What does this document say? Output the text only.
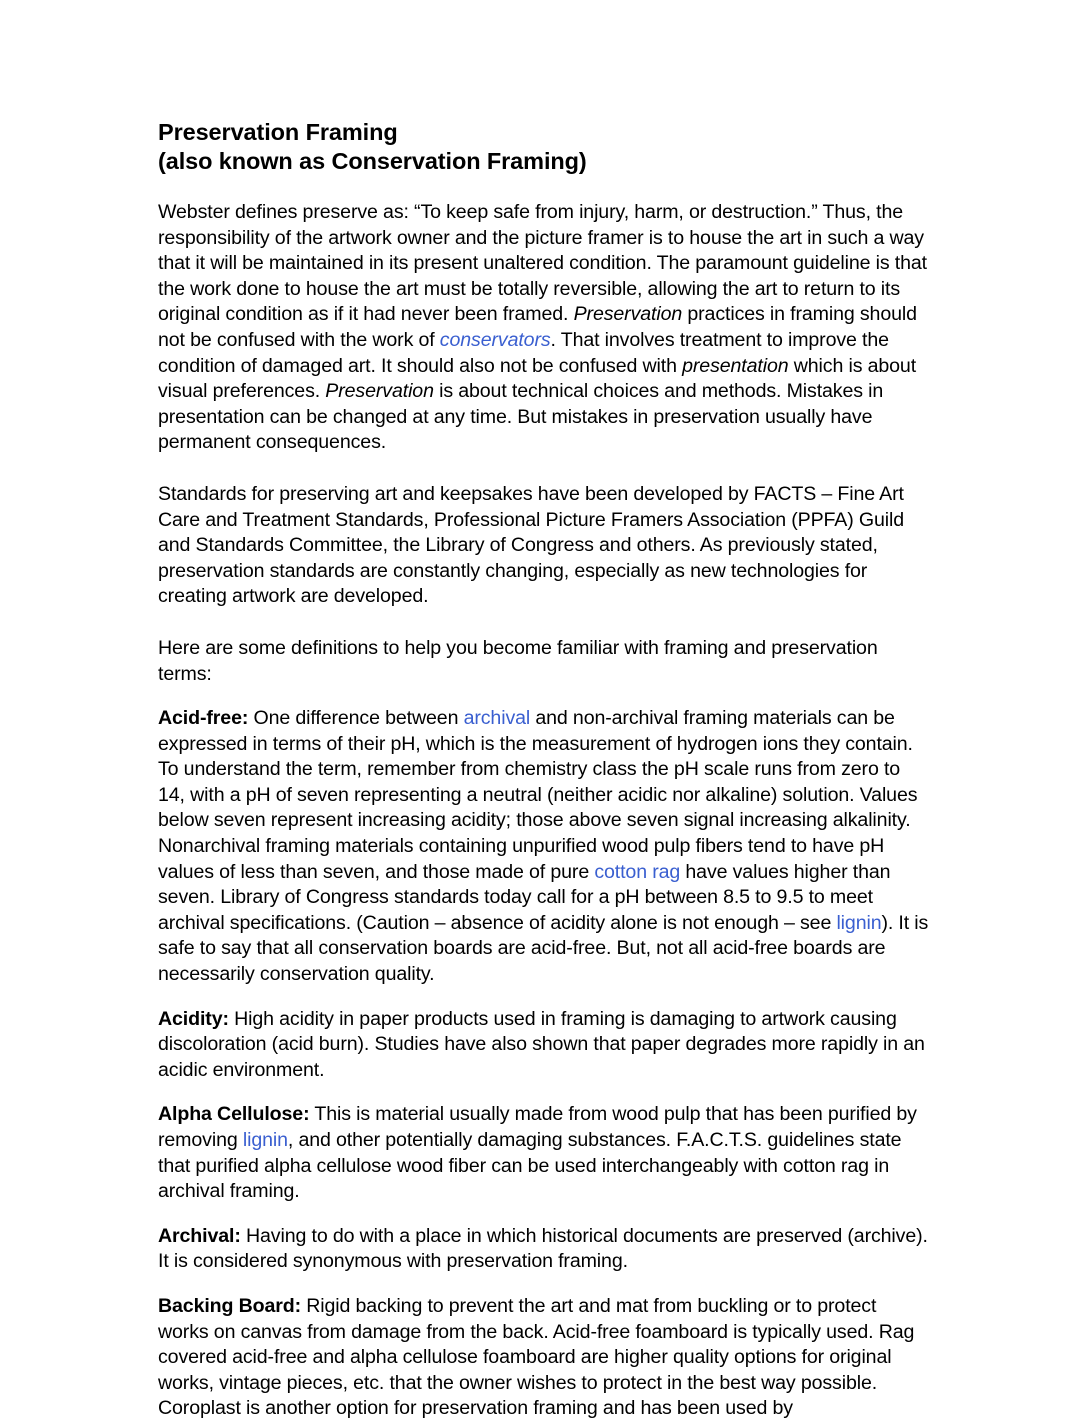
Preservation Framing
(also known as Conservation Framing)

Webster defines preserve as: “To keep safe from injury, harm, or destruction.” Thus, the responsibility of the artwork owner and the picture framer is to house the art in such a way that it will be maintained in its present unaltered condition. The paramount guideline is that the work done to house the art must be totally reversible, allowing the art to return to its original condition as if it had never been framed. Preservation practices in framing should not be confused with the work of conservators. That involves treatment to improve the condition of damaged art. It should also not be confused with presentation which is about visual preferences. Preservation is about technical choices and methods. Mistakes in presentation can be changed at any time. But mistakes in preservation usually have permanent consequences.

Standards for preserving art and keepsakes have been developed by FACTS – Fine Art Care and Treatment Standards, Professional Picture Framers Association (PPFA) Guild and Standards Committee, the Library of Congress and others. As previously stated, preservation standards are constantly changing, especially as new technologies for creating artwork are developed.

Here are some definitions to help you become familiar with framing and preservation terms:

Acid-free: One difference between archival and non-archival framing materials can be expressed in terms of their pH, which is the measurement of hydrogen ions they contain. To understand the term, remember from chemistry class the pH scale runs from zero to 14, with a pH of seven representing a neutral (neither acidic nor alkaline) solution. Values below seven represent increasing acidity; those above seven signal increasing alkalinity. Nonarchival framing materials containing unpurified wood pulp fibers tend to have pH values of less than seven, and those made of pure cotton rag have values higher than seven. Library of Congress standards today call for a pH between 8.5 to 9.5 to meet archival specifications. (Caution – absence of acidity alone is not enough – see lignin). It is safe to say that all conservation boards are acid-free. But, not all acid-free boards are necessarily conservation quality.

Acidity: High acidity in paper products used in framing is damaging to artwork causing discoloration (acid burn). Studies have also shown that paper degrades more rapidly in an acidic environment.

Alpha Cellulose: This is material usually made from wood pulp that has been purified by removing lignin, and other potentially damaging substances. F.A.C.T.S. guidelines state that purified alpha cellulose wood fiber can be used interchangeably with cotton rag in archival framing.

Archival: Having to do with a place in which historical documents are preserved (archive). It is considered synonymous with preservation framing.

Backing Board: Rigid backing to prevent the art and mat from buckling or to protect works on canvas from damage from the back. Acid-free foamboard is typically used. Rag covered acid-free and alpha cellulose foamboard are higher quality options for original works, vintage pieces, etc. that the owner wishes to protect in the best way possible. Coroplast is another option for preservation framing and has been used by
